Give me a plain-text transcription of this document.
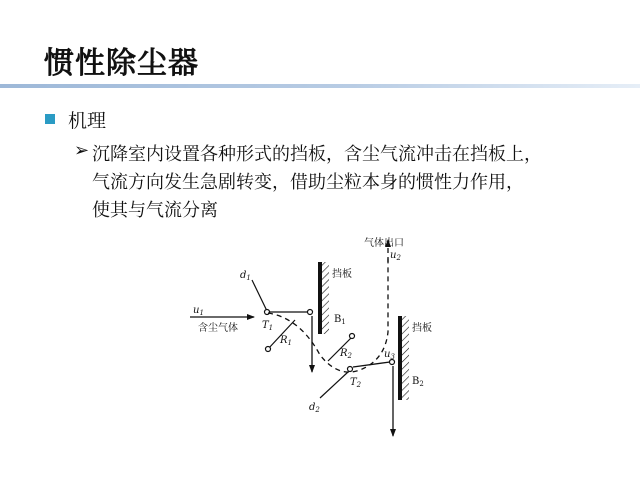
惯性除尘器
机理
➢ 沉降室内设置各种形式的挡板，含尘气流冲击在挡板上，
气流方向发生急剧转变，借助尘粒本身的惯性力作用，
使其与气流分离
气体出口
$u_2$
挡板
挡板
$B_1$
$B_2$
$d_1$
$d_2$
$u_1$
$u_3$
含尘气体 $T_1$
$T_2$
$R_1$
$R_2$
